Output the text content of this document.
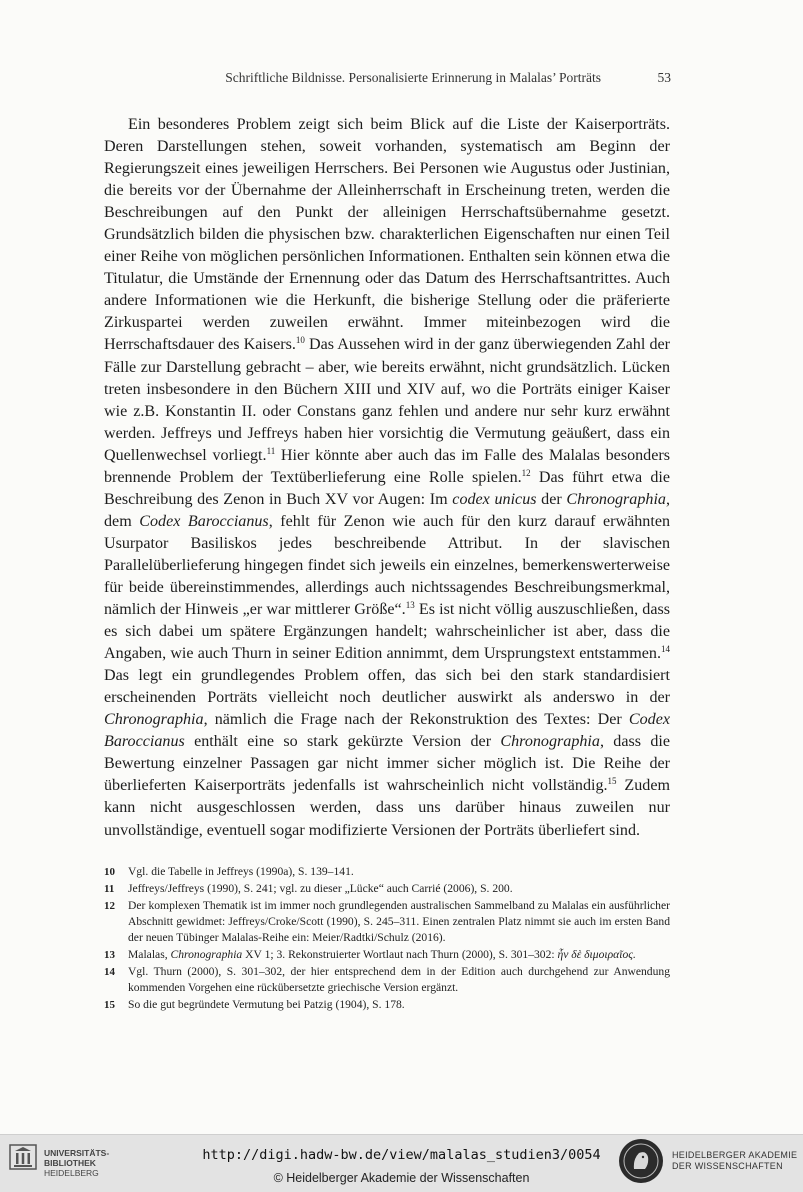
Schriftliche Bildnisse. Personalisierte Erinnerung in Malalas’ Porträts	53

Ein besonderes Problem zeigt sich beim Blick auf die Liste der Kaiserporträts. Deren Darstellungen stehen, soweit vorhanden, systematisch am Beginn der Regierungszeit eines jeweiligen Herrschers. Bei Personen wie Augustus oder Justinian, die bereits vor der Übernahme der Alleinherrschaft in Erscheinung treten, werden die Beschreibungen auf den Punkt der alleinigen Herrschaftsübernahme gesetzt. Grundsätzlich bilden die physischen bzw. charakterlichen Eigenschaften nur einen Teil einer Reihe von möglichen persönlichen Informationen. Enthalten sein können etwa die Titulatur, die Umstände der Ernennung oder das Datum des Herrschaftsantrittes. Auch andere Informationen wie die Herkunft, die bisherige Stellung oder die präferierte Zirkuspartei werden zuweilen erwähnt. Immer miteinbezogen wird die Herrschaftsdauer des Kaisers.$^{10}$ Das Aussehen wird in der ganz überwiegenden Zahl der Fälle zur Darstellung gebracht – aber, wie bereits erwähnt, nicht grundsätzlich. Lücken treten insbesondere in den Büchern XIII und XIV auf, wo die Porträts einiger Kaiser wie z.B. Konstantin II. oder Constans ganz fehlen und andere nur sehr kurz erwähnt werden. Jeffreys und Jeffreys haben hier vorsichtig die Vermutung geäußert, dass ein Quellenwechsel vorliegt.$^{11}$ Hier könnte aber auch das im Falle des Malalas besonders brennende Problem der Textüberlieferung eine Rolle spielen.$^{12}$ Das führt etwa die Beschreibung des Zenon in Buch XV vor Augen: Im codex unicus der Chronographia, dem Codex Baroccianus, fehlt für Zenon wie auch für den kurz darauf erwähnten Usurpator Basiliskos jedes beschreibende Attribut. In der slavischen Parallelüberlieferung hingegen findet sich jeweils ein einzelnes, bemerkenswerterweise für beide übereinstimmendes, allerdings auch nichtssagendes Beschreibungsmerkmal, nämlich der Hinweis „er war mittlerer Größe“.$^{13}$ Es ist nicht völlig auszuschließen, dass es sich dabei um spätere Ergänzungen handelt; wahrscheinlicher ist aber, dass die Angaben, wie auch Thurn in seiner Edition annimmt, dem Ursprungstext entstammen.$^{14}$ Das legt ein grundlegendes Problem offen, das sich bei den stark standardisiert erscheinenden Porträts vielleicht noch deutlicher auswirkt als anderswo in der Chronographia, nämlich die Frage nach der Rekonstruktion des Textes: Der Codex Baroccianus enthält eine so stark gekürzte Version der Chronographia, dass die Bewertung einzelner Passagen gar nicht immer sicher möglich ist. Die Reihe der überlieferten Kaiserporträts jedenfalls ist wahrscheinlich nicht vollständig.$^{15}$ Zudem kann nicht ausgeschlossen werden, dass uns darüber hinaus zuweilen nur unvollständige, eventuell sogar modifizierte Versionen der Porträts überliefert sind.

10 Vgl. die Tabelle in Jeffreys (1990a), S. 139–141.
11 Jeffreys/Jeffreys (1990), S. 241; vgl. zu dieser „Lücke“ auch Carrié (2006), S. 200.
12 Der komplexen Thematik ist im immer noch grundlegenden australischen Sammelband zu Malalas ein ausführlicher Abschnitt gewidmet: Jeffreys/Croke/Scott (1990), S. 245–311. Einen zentralen Platz nimmt sie auch im ersten Band der neuen Tübinger Malalas-Reihe ein: Meier/Radtki/Schulz (2016).
13 Malalas, Chronographia XV 1; 3. Rekonstruierter Wortlaut nach Thurn (2000), S. 301–302: ἦν δὲ διμοιραῖος.
14 Vgl. Thurn (2000), S. 301–302, der hier entsprechend dem in der Edition auch durchgehend zur Anwendung kommenden Vorgehen eine rückübersetzte griechische Version ergänzt.
15 So die gut begründete Vermutung bei Patzig (1904), S. 178.
UNIVERSITÄTS-
BIBLIOTHEK
HEIDELBERG
http://digi.hadw-bw.de/view/malalas_studien3/0054
© Heidelberger Akademie der Wissenschaften
HEIDELBERGER AKADEMIE
DER WISSENSCHAFTEN
